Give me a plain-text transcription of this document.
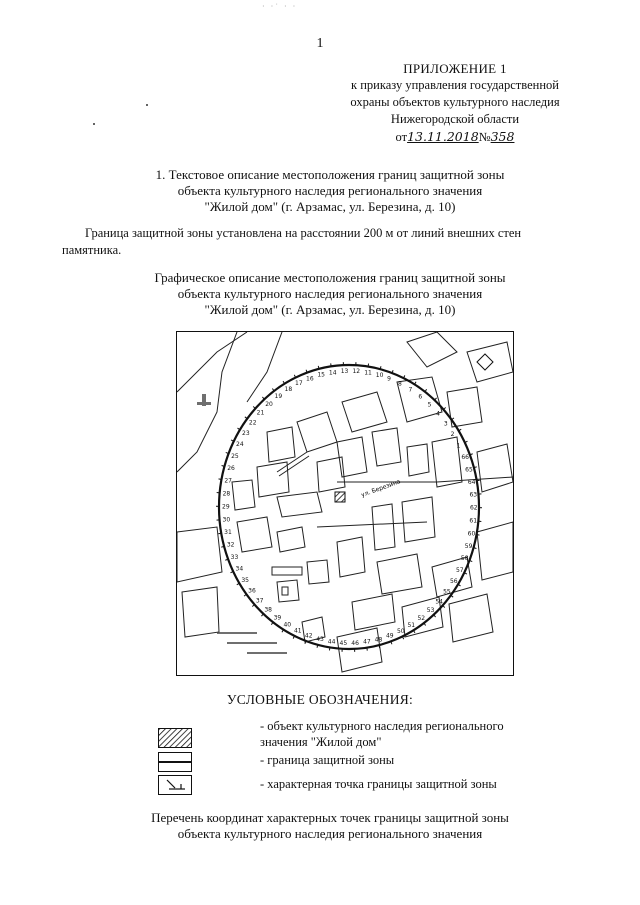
· ·˙ · ·
1
ПРИЛОЖЕНИЕ 1
к приказу управления государственной
охраны объектов культурного наследия
Нижегородской области
от13.11.2018№358
1. Текстовое описание местоположения границ защитной зоны
объекта культурного наследия регионального значения
"Жилой дом" (г. Арзамас, ул. Березина, д. 10)
Граница защитной зоны установлена на расстоянии 200 м от линий внешних стен
памятника.
Графическое описание местоположения границ защитной зоны
объекта культурного наследия регионального значения
"Жилой дом" (г. Арзамас, ул. Березина, д. 10)
1
2
3
4
5
6
7
8
9
10
11
12
13
14
15
16
17
18
19
20
21
22
23
24
25
26
27
28
29
30
31
32
33
34
35
36
37
38
39
40
41
42
43 44 45 46 47 48
49
50
51
52
53
54
55
56
57
58
59
60
61
62
63
64
65
66
ул. Березина
УСЛОВНЫЕ ОБОЗНАЧЕНИЯ:
- объект культурного наследия регионального
значения "Жилой дом"
- граница защитной зоны
- характерная точка границы защитной зоны
Перечень координат характерных точек границы защитной зоны
объекта культурного наследия регионального значения
